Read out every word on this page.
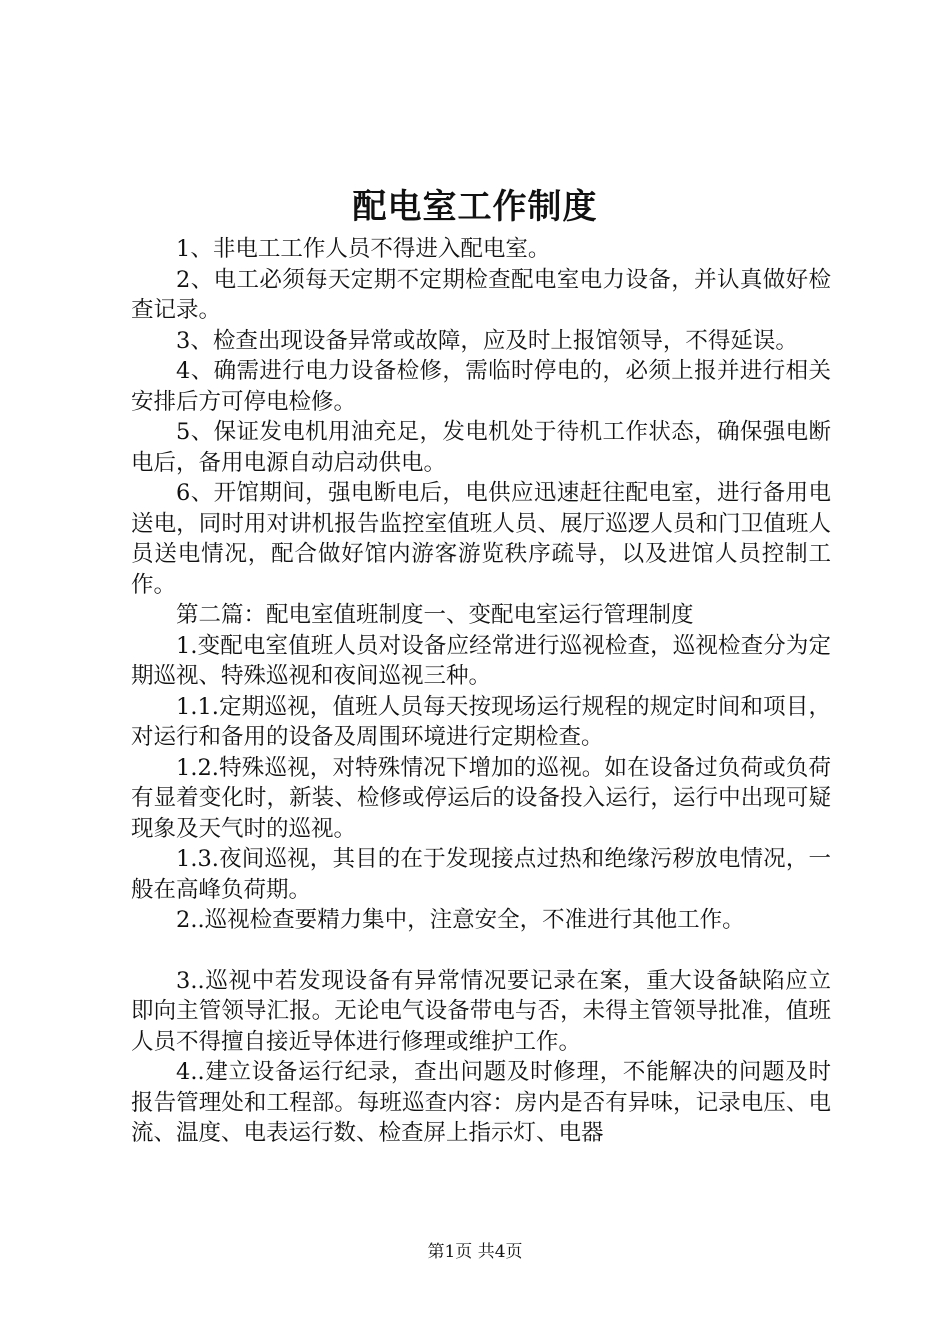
配电室工作制度

1、非电工工作人员不得进入配电室。

2、电工必须每天定期不定期检查配电室电力设备，并认真做好检查记录。

3、检查出现设备异常或故障，应及时上报馆领导，不得延误。

4、确需进行电力设备检修，需临时停电的，必须上报并进行相关安排后方可停电检修。

5、保证发电机用油充足，发电机处于待机工作状态，确保强电断电后，备用电源自动启动供电。

6、开馆期间，强电断电后，电供应迅速赶往配电室，进行备用电送电，同时用对讲机报告监控室值班人员、展厅巡逻人员和门卫值班人员送电情况，配合做好馆内游客游览秩序疏导，以及进馆人员控制工作。

第二篇：配电室值班制度一、变配电室运行管理制度

1.变配电室值班人员对设备应经常进行巡视检查，巡视检查分为定期巡视、特殊巡视和夜间巡视三种。

1.1.定期巡视，值班人员每天按现场运行规程的规定时间和项目，对运行和备用的设备及周围环境进行定期检查。

1.2.特殊巡视，对特殊情况下增加的巡视。如在设备过负荷或负荷有显着变化时，新装、检修或停运后的设备投入运行，运行中出现可疑现象及天气时的巡视。

1.3.夜间巡视，其目的在于发现接点过热和绝缘污秽放电情况，一般在高峰负荷期。

2..巡视检查要精力集中，注意安全，不准进行其他工作。

3..巡视中若发现设备有异常情况要记录在案，重大设备缺陷应立即向主管领导汇报。无论电气设备带电与否，未得主管领导批准，值班人员不得擅自接近导体进行修理或维护工作。

4..建立设备运行纪录，查出问题及时修理，不能解决的问题及时报告管理处和工程部。每班巡查内容：房内是否有异味，记录电压、电流、温度、电表运行数、检查屏上指示灯、电器

第1页 共4页
